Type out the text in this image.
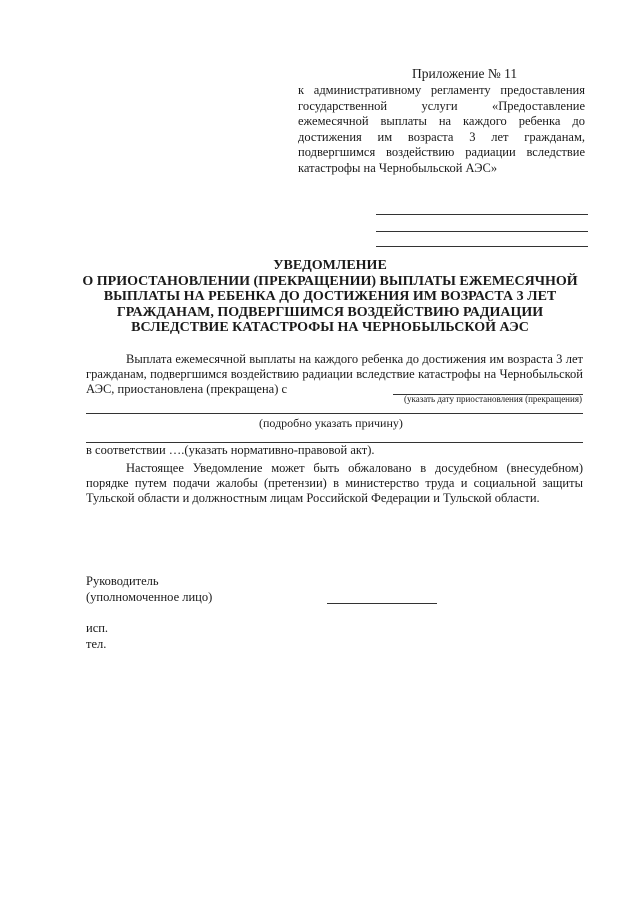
Приложение № 11
к административному регламенту предоставления государственной услуги «Предоставление ежемесячной выплаты на каждого ребенка до достижения им возраста 3 лет гражданам, подвергшимся воздействию радиации вследствие катастрофы на Чернобыльской АЭС»
УВЕДОМЛЕНИЕ
О ПРИОСТАНОВЛЕНИИ (ПРЕКРАЩЕНИИ) ВЫПЛАТЫ ЕЖЕМЕСЯЧНОЙ ВЫПЛАТЫ НА РЕБЕНКА ДО ДОСТИЖЕНИЯ ИМ ВОЗРАСТА 3 ЛЕТ ГРАЖДАНАМ, ПОДВЕРГШИМСЯ ВОЗДЕЙСТВИЮ РАДИАЦИИ ВСЛЕДСТВИЕ КАТАСТРОФЫ НА ЧЕРНОБЫЛЬСКОЙ АЭС
Выплата ежемесячной выплаты на каждого ребенка до достижения им возраста 3 лет гражданам, подвергшимся воздействию радиации вследствие катастрофы на Чернобыльской АЭС, приостановлена (прекращена) с
(указать дату приостановления (прекращения)
(подробно указать причину)
в соответствии ….(указать нормативно-правовой акт).
Настоящее Уведомление может быть обжаловано в досудебном (внесудебном) порядке путем подачи жалобы (претензии) в министерство труда и социальной защиты Тульской области и должностным лицам Российской Федерации и Тульской области.
Руководитель
(уполномоченное лицо)
исп.
тел.
